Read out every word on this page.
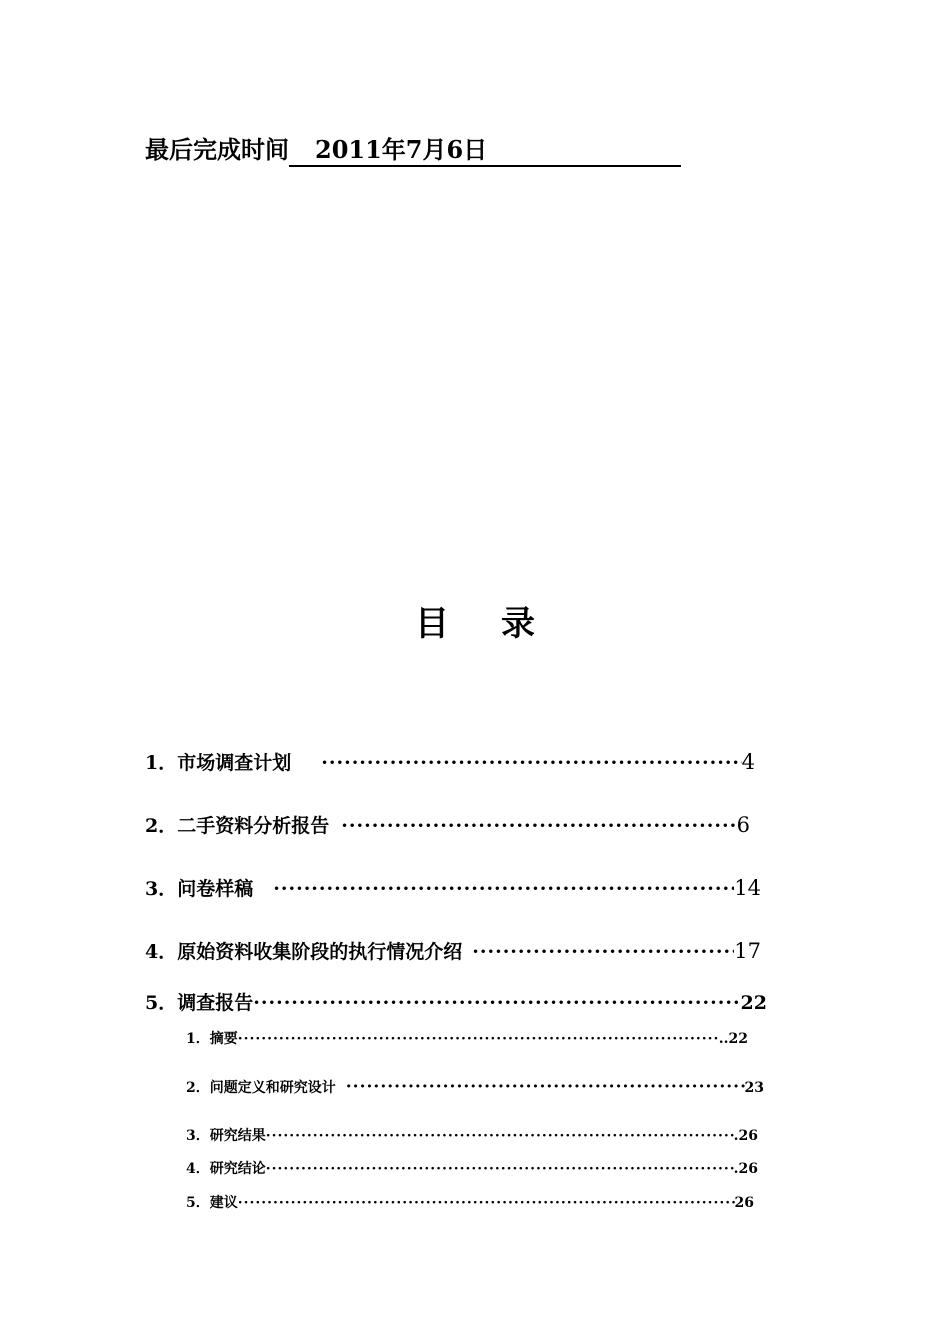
最后完成时间 2011年7月6日
目录
1．市场调查计划 ·····	4
2．二手资料分析报告 ·····	6
3．问卷样稿 ·····	14
4．原始资料收集阶段的执行情况介绍 ·····	17
5．调查报告 ·····	22
1．摘要 ·····	..22
2．问题定义和研究设计 ·····	23
3．研究结果 ·····	.26
4．研究结论 ·····	.26
5．建议 ·····	26
